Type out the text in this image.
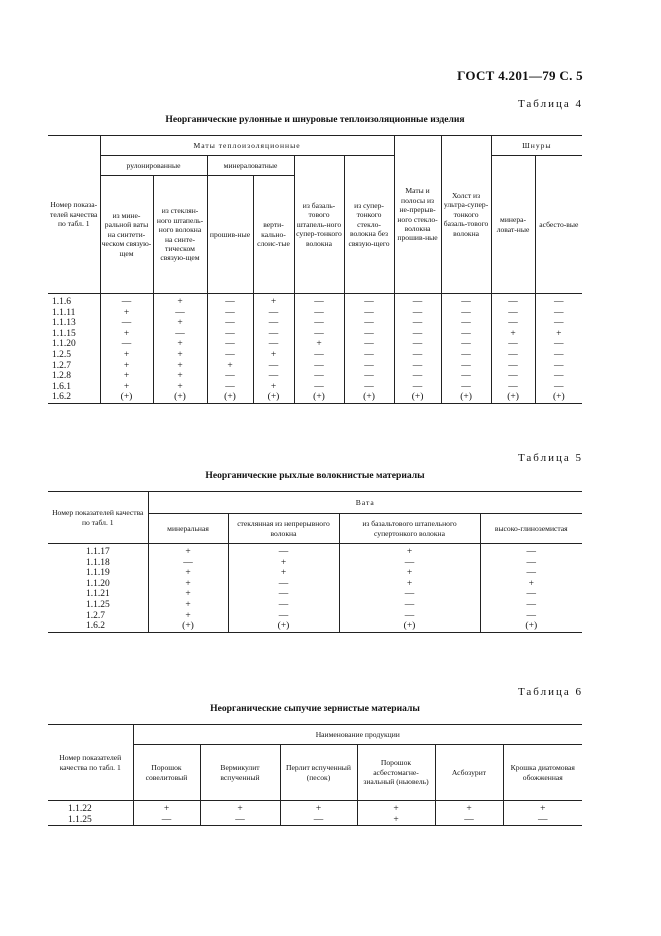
ГОСТ 4.201—79 С. 5
Таблица 4
Неорганические рулонные и шнуровые теплоизоляционные изделия
Номер показа-телей качества по табл. 1	Маты теплоизоляционные						Маты и полосы из не-прерыв-ного стекло-волокна прошив-ные	Холст из ультра-супер-тонкого базаль-тового волокна	Шнуры	
	рулонированные		минераловатные		из базаль-тового штапель-ного супер-тонкого волокна	из супер-тонкого стекло-волокна без связую-щего			минера-ловат-ные	асбесто-вые
	из мине-ральной ваты на синтети-ческом связую-щем	из стеклян-ного штапель-ного волокна на синте-тическом связую-щем	прошив-ные	верти-кально-слоис-тые						
1.1.6	—	+	—	+	—	—	—	—	—	—
1.1.11	+	—	—	—	—	—	—	—	—	—
1.1.13	—	+	—	—	—	—	—	—	—	—
1.1.15	+	—	—	—	—	—	—	—	+	+
1.1.20	—	+	—	—	+	—	—	—	—	—
1.2.5	+	+	—	+	—	—	—	—	—	—
1.2.7	+	+	+	—	—	—	—	—	—	—
1.2.8	+	+	—	—	—	—	—	—	—	—
1.6.1	+	+	—	+	—	—	—	—	—	—
1.6.2	(+)	(+)	(+)	(+)	(+)	(+)	(+)	(+)	(+)	(+)
Таблица 5
Неорганические рыхлые волокнистые материалы
Номер показателей качества по табл. 1	Вата			
	минеральная	стеклянная из непрерывного волокна	из базальтового штапельного супертонкого волокна	высоко-глиноземистая
1.1.17	+	—	+	—
1.1.18	—	+	—	—
1.1.19	+	+	+	—
1.1.20	+	—	+	+
1.1.21	+	—	—	—
1.1.25	+	—	—	—
1.2.7	+	—	—	—
1.6.2	(+)	(+)	(+)	(+)
Таблица 6
Неорганические сыпучие зернистые материалы
Номер показателей качества по табл. 1	Наименование продукции					
	Порошок совелитовый	Вермикулит вспученный	Перлит вспученный (песок)	Порошок асбестомагне-зиальный (ньювель)	Асбозурит	Крошка диатомовая обожженная
1.1.22	+	+	+	+	+	+
1.1.25	—	—	—	+	—	—
